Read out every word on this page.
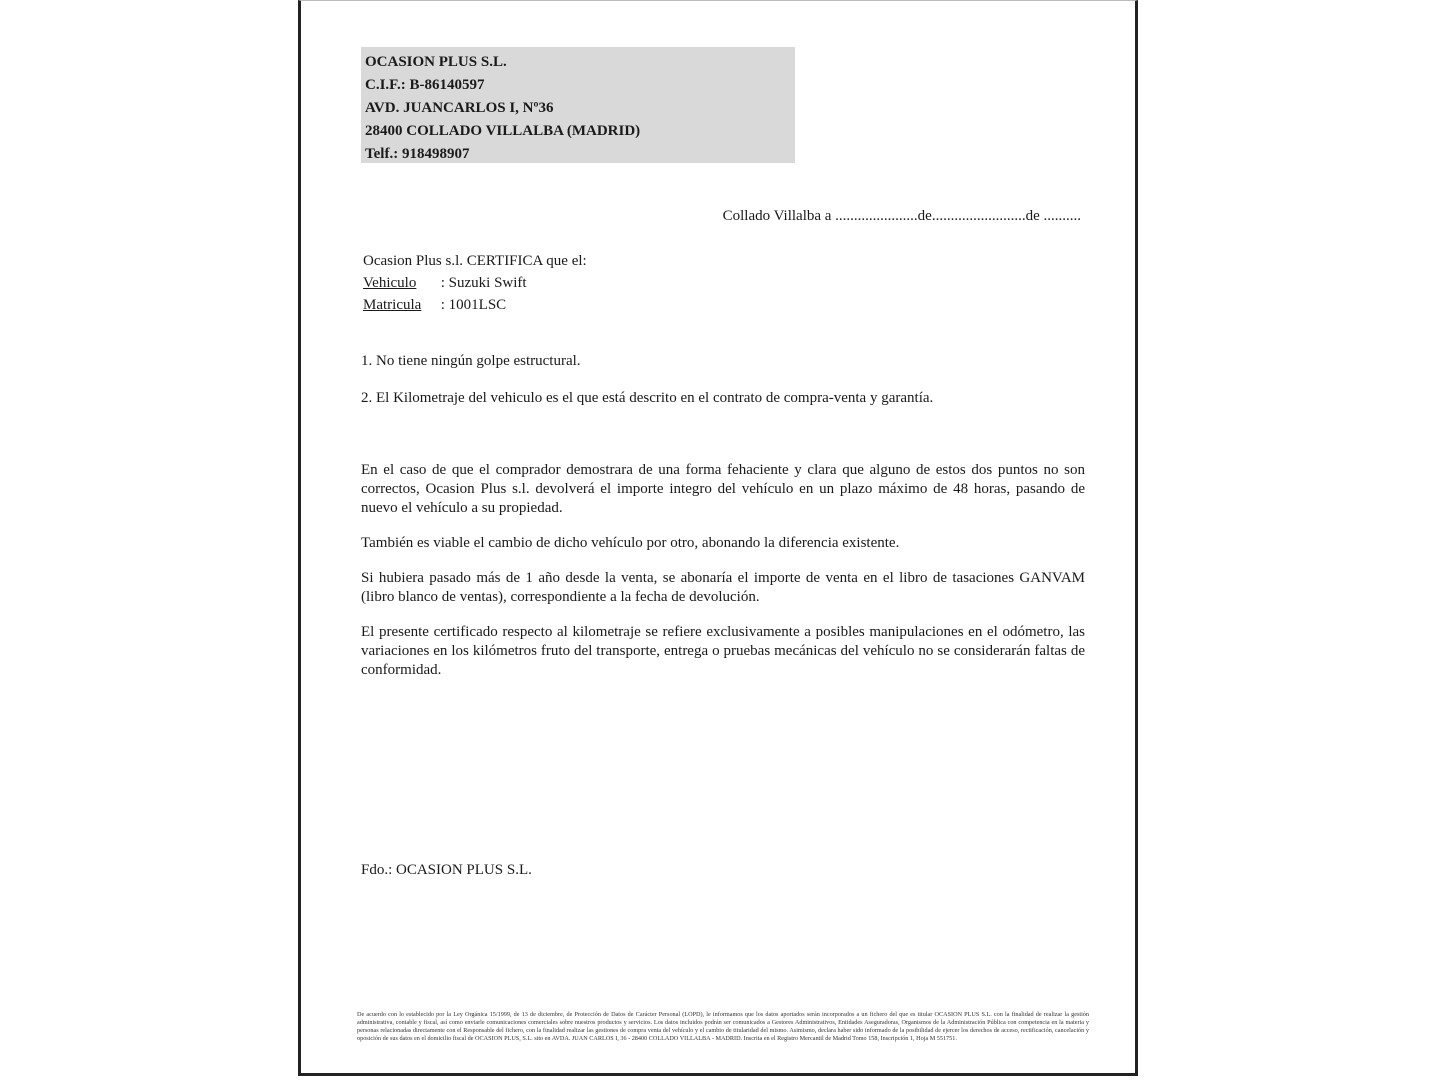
OCASION PLUS S.L.
C.I.F.: B-86140597
AVD. JUANCARLOS I, Nº36
28400 COLLADO VILLALBA (MADRID)
Telf.: 918498907
Collado Villalba a ......................de.........................de ..........
Ocasion Plus s.l. CERTIFICA que el:
Vehiculo : Suzuki Swift
Matricula : 1001LSC

1. No tiene ningún golpe estructural.

2. El Kilometraje del vehiculo es el que está descrito en el contrato de compra-venta y garantía.

En el caso de que el comprador demostrara de una forma fehaciente y clara que alguno de estos dos puntos no son correctos, Ocasion Plus s.l. devolverá el importe integro del vehículo en un plazo máximo de 48 horas, pasando de nuevo el vehículo a su propiedad.

También es viable el cambio de dicho vehículo por otro, abonando la diferencia existente.

Si hubiera pasado más de 1 año desde la venta, se abonaría el importe de venta en el libro de tasaciones GANVAM (libro blanco de ventas), correspondiente a la fecha de devolución.

El presente certificado respecto al kilometraje se refiere exclusivamente a posibles manipulaciones en el odómetro, las variaciones en los kilómetros fruto del transporte, entrega o pruebas mecánicas del vehículo no se considerarán faltas de conformidad.

Fdo.: OCASION PLUS S.L.
De acuerdo con lo establecido por la Ley Orgánica 15/1999, de 13 de diciembre, de Protección de Datos de Carácter Personal (LOPD), le informamos que los datos aportados serán incorporados a un fichero del que es titular OCASION PLUS S.L. con la finalidad de realizar la gestión administrativa, contable y fiscal, así como enviarle comunicaciones comerciales sobre nuestros productos y servicios. Los datos incluidos podrán ser comunicados a Gestores Administrativos, Entidades Aseguradoras, Organismos de la Administración Pública con competencia en la materia y personas relacionadas directamente con el Responsable del fichero, con la finalidad realizar las gestiones de compra venta del vehículo y el cambio de titularidad del mismo. Asimismo, declara haber sido informado de la posibilidad de ejercer los derechos de acceso, rectificación, cancelación y oposición de sus datos en el domicilio fiscal de OCASION PLUS, S.L. sito en AVDA. JUAN CARLOS I, 36 - 28400 COLLADO VILLALBA - MADRID. Inscrita en el Registro Mercantil de Madrid Tomo 158, Inscripción 1, Hoja M 551751.
